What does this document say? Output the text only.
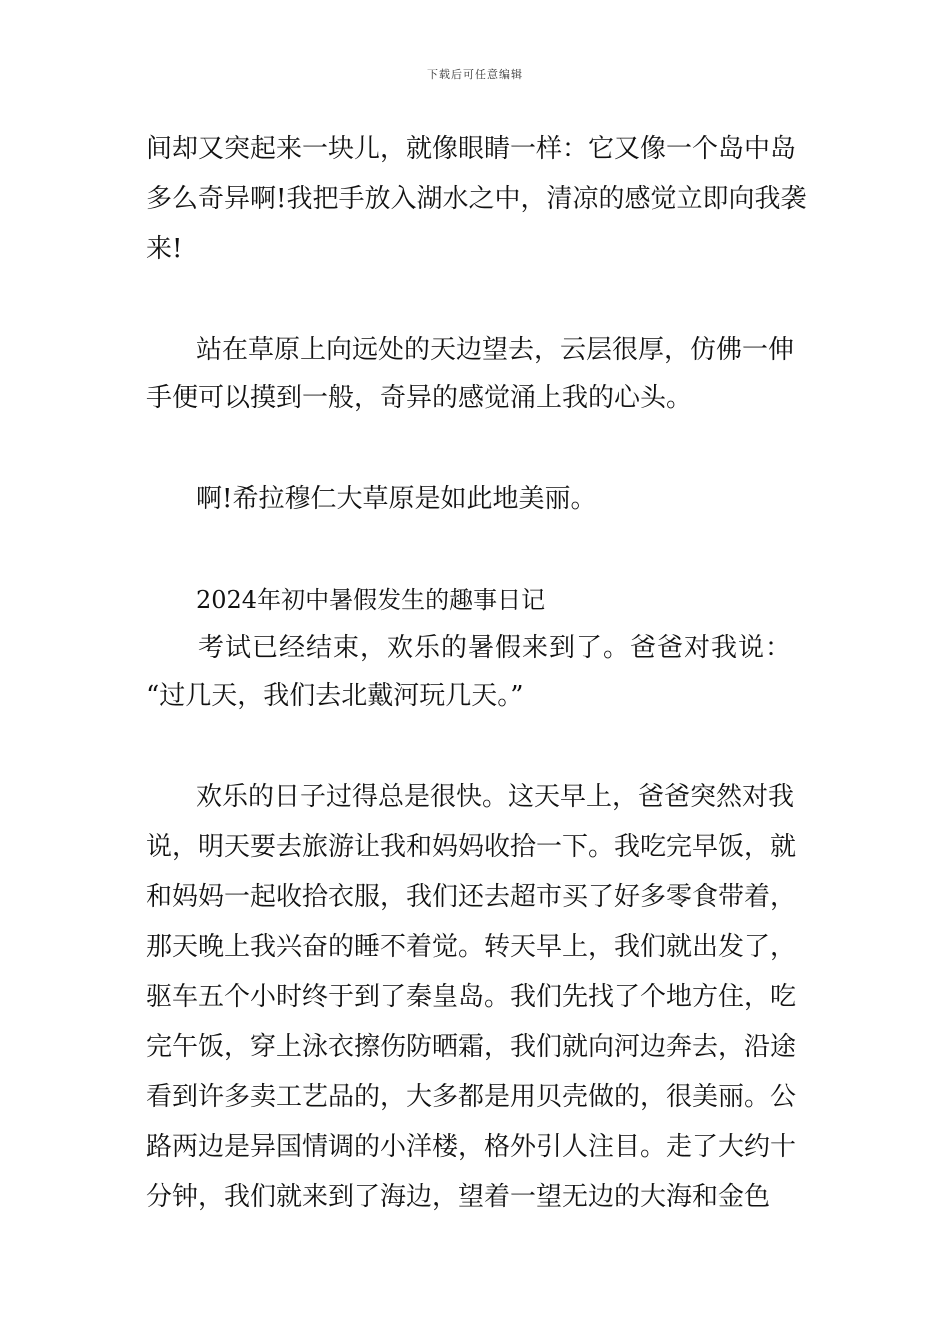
下载后可任意编辑
间却又突起来一块儿，就像眼睛一样：它又像一个岛中岛
多么奇异啊!我把手放入湖水之中，清凉的感觉立即向我袭
来!
站在草原上向远处的天边望去，云层很厚，仿佛一伸
手便可以摸到一般，奇异的感觉涌上我的心头。
啊!希拉穆仁大草原是如此地美丽。
2024年初中暑假发生的趣事日记
考试已经结束，欢乐的暑假来到了。爸爸对我说：
“过几天，我们去北戴河玩几天。”
欢乐的日子过得总是很快。这天早上，爸爸突然对我
说，明天要去旅游让我和妈妈收拾一下。我吃完早饭，就
和妈妈一起收拾衣服，我们还去超市买了好多零食带着，
那天晚上我兴奋的睡不着觉。转天早上，我们就出发了，
驱车五个小时终于到了秦皇岛。我们先找了个地方住，吃
完午饭，穿上泳衣擦伤防晒霜，我们就向河边奔去，沿途
看到许多卖工艺品的，大多都是用贝壳做的，很美丽。公
路两边是异国情调的小洋楼，格外引人注目。走了大约十
分钟，我们就来到了海边，望着一望无边的大海和金色
